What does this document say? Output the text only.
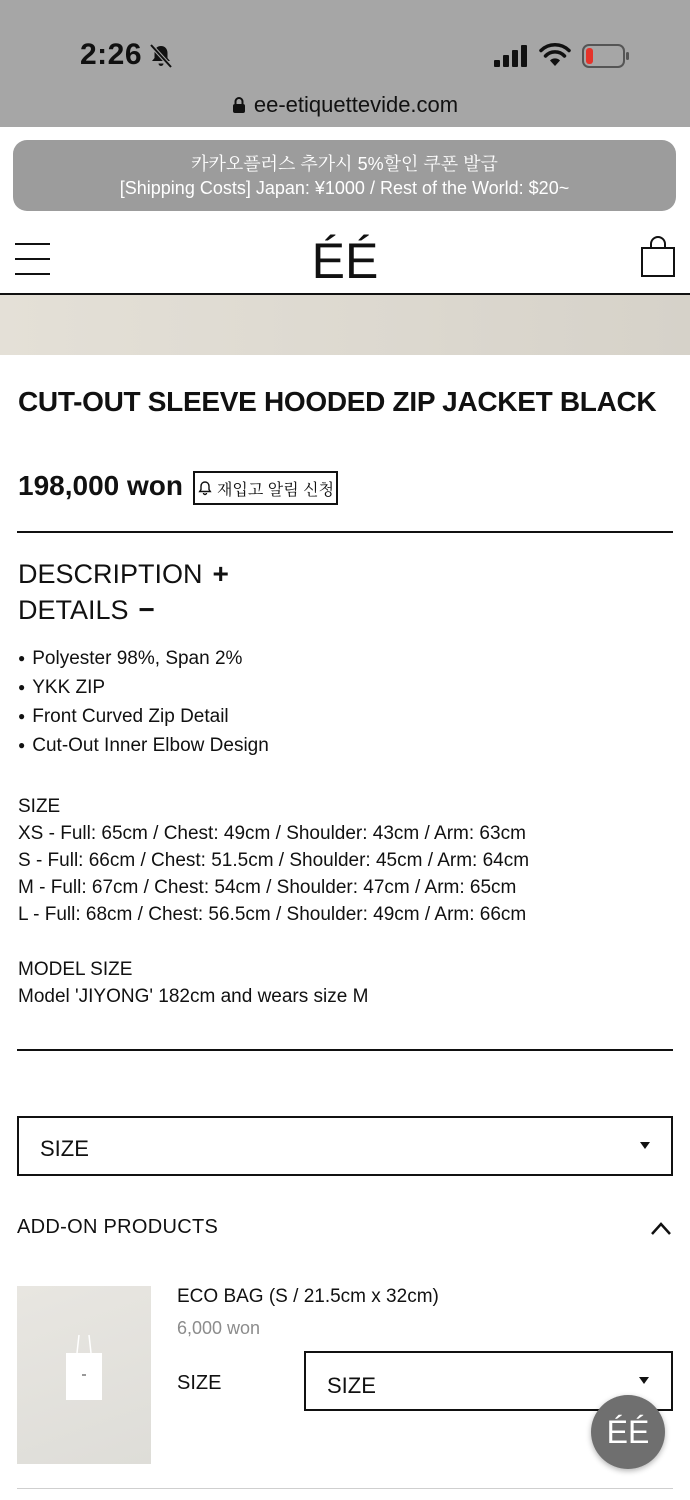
2:26
ee-etiquettevide.com
카카오플러스 추가시 5%할인 쿠폰 발급
[Shipping Costs] Japan: ¥1000 / Rest of the World: $20~
ÉÉ
CUT-OUT SLEEVE HOODED ZIP JACKET BLACK
198,000 won 재입고 알림 신청
DESCRIPTION +
DETAILS −
● Polyester 98%, Span 2%
● YKK ZIP
● Front Curved Zip Detail
● Cut-Out Inner Elbow Design
SIZE
XS - Full: 65cm / Chest: 49cm / Shoulder: 43cm / Arm: 63cm
S - Full: 66cm / Chest: 51.5cm / Shoulder: 45cm / Arm: 64cm
M - Full: 67cm / Chest: 54cm / Shoulder: 47cm / Arm: 65cm
L - Full: 68cm / Chest: 56.5cm / Shoulder: 49cm / Arm: 66cm
MODEL SIZE
Model 'JIYONG' 182cm and wears size M
SIZE
ADD-ON PRODUCTS
ECO BAG (S / 21.5cm x 32cm)
6,000 won
SIZE	SIZE
ÉÉ
